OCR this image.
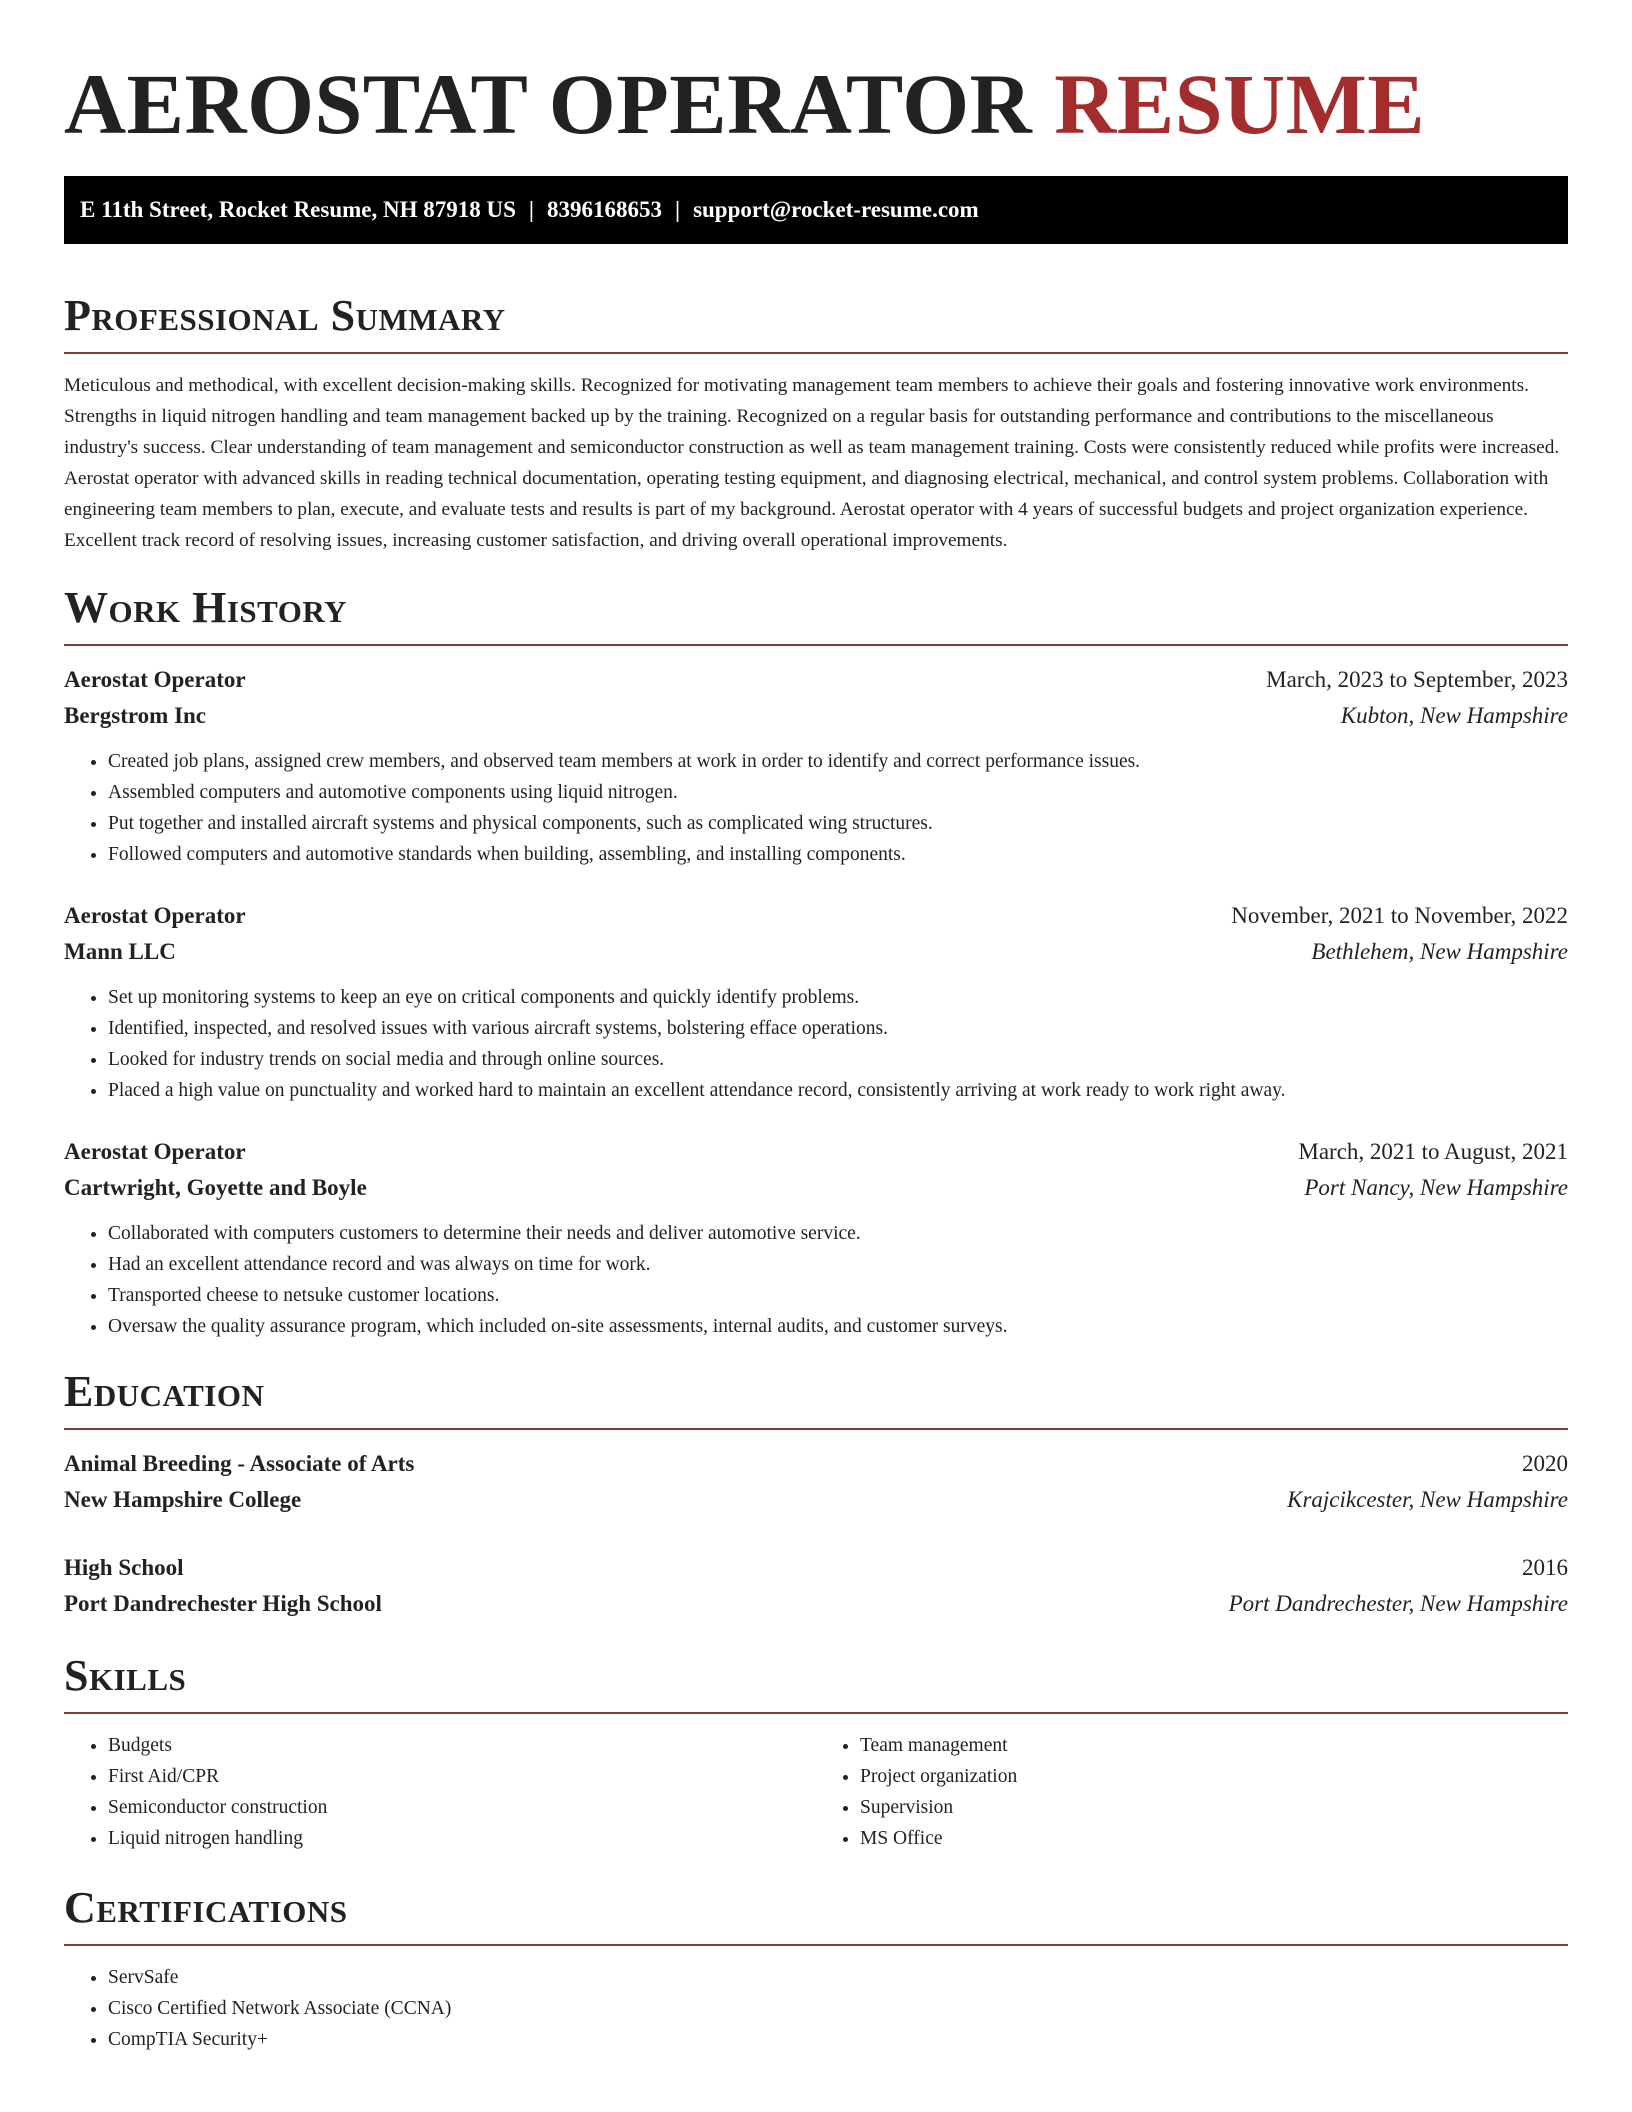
AEROSTAT OPERATOR RESUME
E 11th Street, Rocket Resume, NH 87918 US | 8396168653 | support@rocket-resume.com
Professional Summary

Meticulous and methodical, with excellent decision-making skills. Recognized for motivating management team members to achieve their goals and fostering innovative work environments. Strengths in liquid nitrogen handling and team management backed up by the training. Recognized on a regular basis for outstanding performance and contributions to the miscellaneous industry's success. Clear understanding of team management and semiconductor construction as well as team management training. Costs were consistently reduced while profits were increased. Aerostat operator with advanced skills in reading technical documentation, operating testing equipment, and diagnosing electrical, mechanical, and control system problems. Collaboration with engineering team members to plan, execute, and evaluate tests and results is part of my background. Aerostat operator with 4 years of successful budgets and project organization experience. Excellent track record of resolving issues, increasing customer satisfaction, and driving overall operational improvements.

Work History
Aerostat Operator	March, 2023 to September, 2023
Bergstrom Inc	Kubton, New Hampshire
• Created job plans, assigned crew members, and observed team members at work in order to identify and correct performance issues.
• Assembled computers and automotive components using liquid nitrogen.
• Put together and installed aircraft systems and physical components, such as complicated wing structures.
• Followed computers and automotive standards when building, assembling, and installing components.
Aerostat Operator	November, 2021 to November, 2022
Mann LLC	Bethlehem, New Hampshire
• Set up monitoring systems to keep an eye on critical components and quickly identify problems.
• Identified, inspected, and resolved issues with various aircraft systems, bolstering efface operations.
• Looked for industry trends on social media and through online sources.
• Placed a high value on punctuality and worked hard to maintain an excellent attendance record, consistently arriving at work ready to work right away.
Aerostat Operator	March, 2021 to August, 2021
Cartwright, Goyette and Boyle	Port Nancy, New Hampshire
• Collaborated with computers customers to determine their needs and deliver automotive service.
• Had an excellent attendance record and was always on time for work.
• Transported cheese to netsuke customer locations.
• Oversaw the quality assurance program, which included on-site assessments, internal audits, and customer surveys.
Education
Animal Breeding - Associate of Arts	2020
New Hampshire College	Krajcikcester, New Hampshire
High School	2016
Port Dandrechester High School	Port Dandrechester, New Hampshire
Skills
• Budgets
• First Aid/CPR
• Semiconductor construction
• Liquid nitrogen handling
• Team management
• Project organization
• Supervision
• MS Office
Certifications
• ServSafe
• Cisco Certified Network Associate (CCNA)
• CompTIA Security+
